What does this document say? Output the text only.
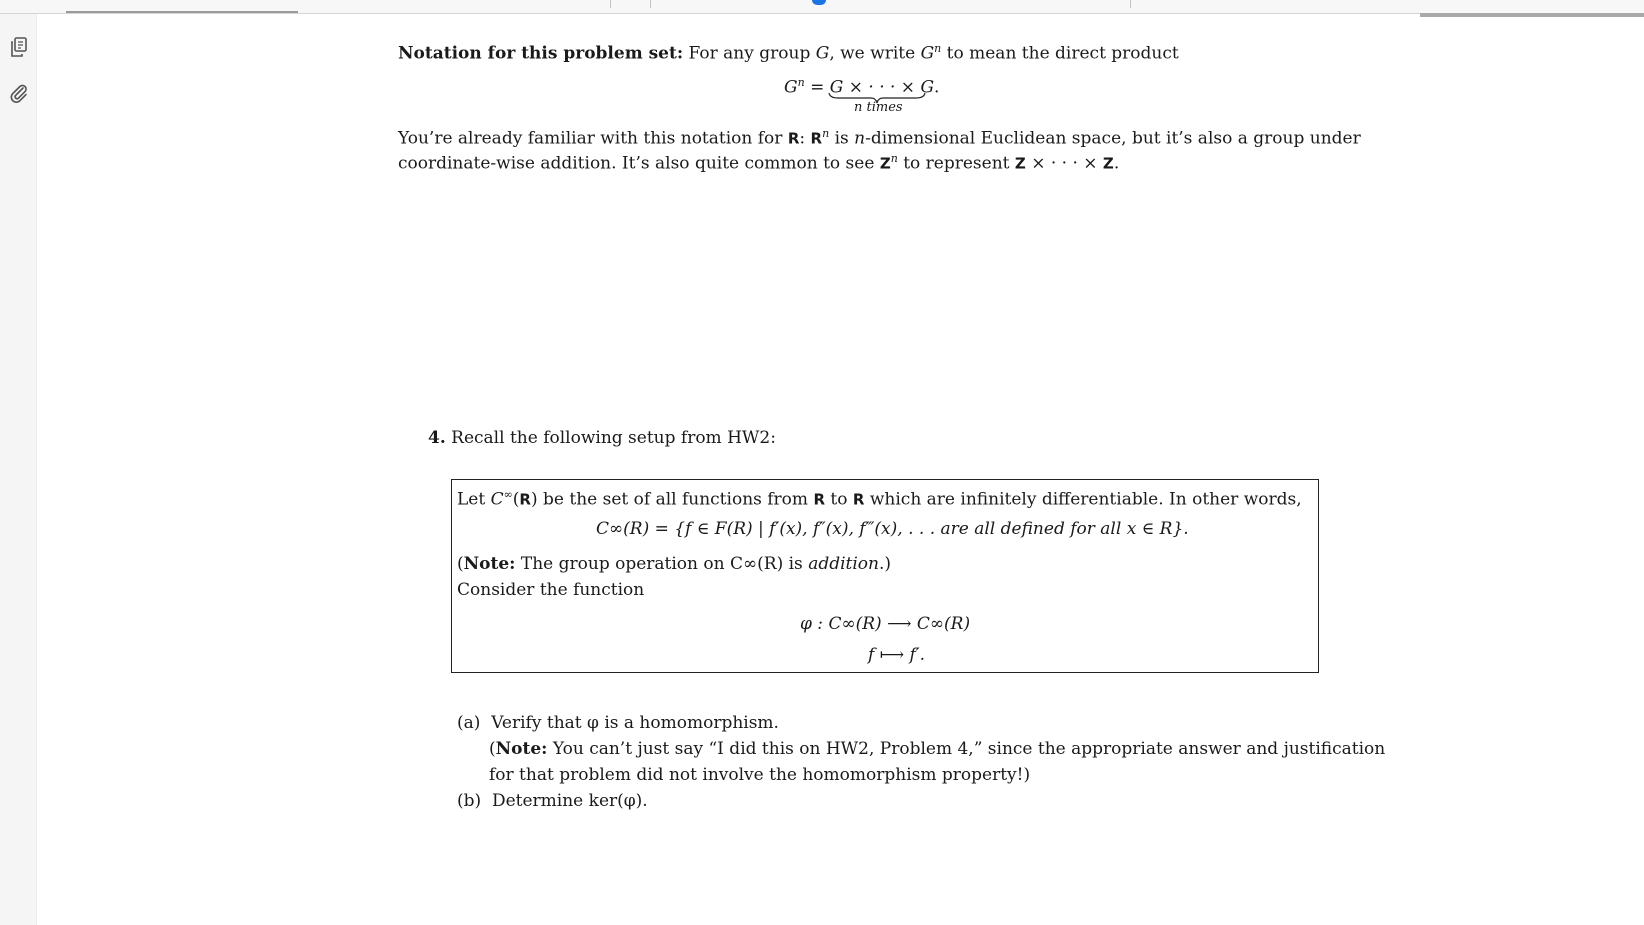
Notation for this problem set: For any group G, we write $G^n$ to mean the direct product
$G^n = G$ × · · · × G.
n times
You’re already familiar with this notation for R: $R^n$ is n-dimensional Euclidean space, but it’s also a group under
coordinate-wise addition. It’s also quite common to see $Z^n$ to represent Z × · · · × Z.
4. Recall the following setup from HW2:
Let C∞(R) be the set of all functions from R to R which are infinitely differentiable. In other words,
C∞(R) = {f ∈ F(R) | f′(x), f″(x), f‴(x), . . . are all defined for all x ∈ R}.
(Note: The group operation on C∞(R) is addition.)
Consider the function
φ : C∞(R) ⟶ C∞(R)
f ⟼ f′.
(a) Verify that φ is a homomorphism.
(Note: You can’t just say “I did this on HW2, Problem 4,” since the appropriate answer and justification
for that problem did not involve the homomorphism property!)
(b) Determine ker(φ).
